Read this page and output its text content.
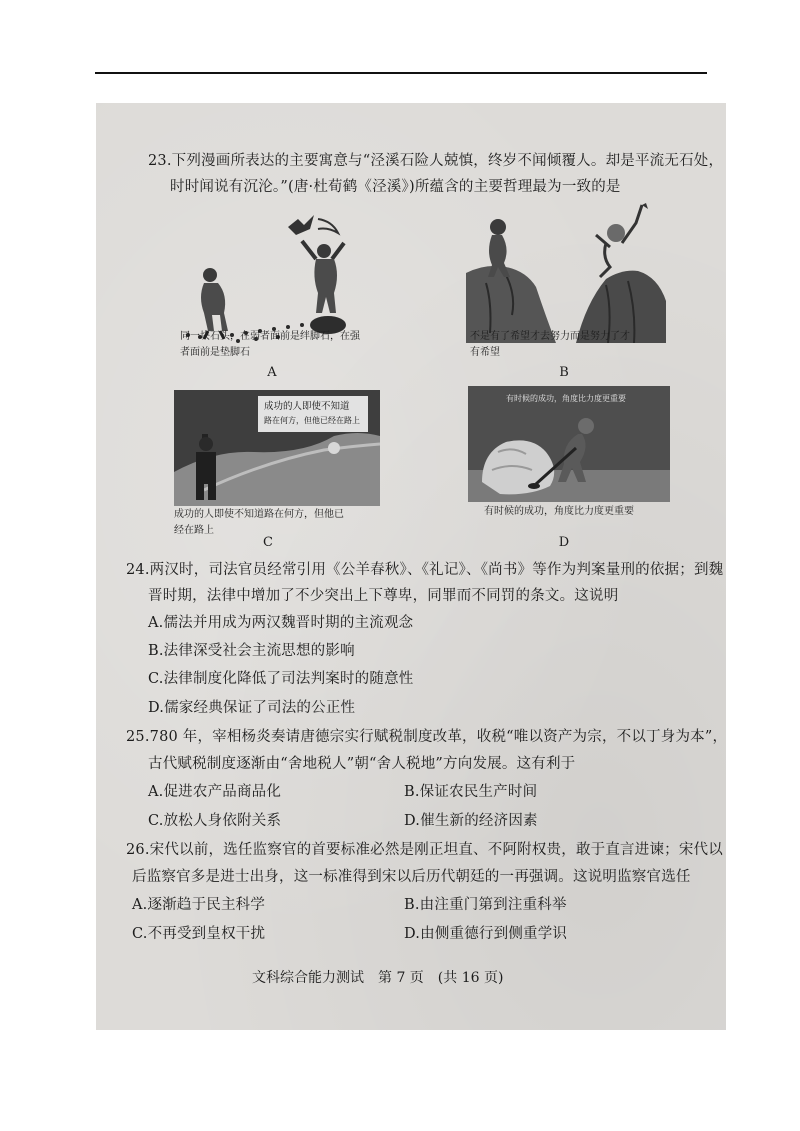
23.下列漫画所表达的主要寓意与“泾溪石险人兢慎，终岁不闻倾覆人。却是平流无石处，
时时闻说有沉沦。”(唐·杜荀鹤《泾溪》)所蕴含的主要哲理最为一致的是
同一块石头，在弱者面前是绊脚石，在强
者面前是垫脚石
A
不是有了希望才去努力而是努力了才
有希望
B
成功的人即使不知道
路在何方，但他已经在路上
成功的人即使不知道路在何方，但他已
经在路上
C
有时候的成功，角度比力度更重要
有时候的成功，角度比力度更重要
D
24.两汉时，司法官员经常引用《公羊春秋》、《礼记》、《尚书》等作为判案量刑的依据；到魏
晋时期，法律中增加了不少突出上下尊卑，同罪而不同罚的条文。这说明
A.儒法并用成为两汉魏晋时期的主流观念
B.法律深受社会主流思想的影响
C.法律制度化降低了司法判案时的随意性
D.儒家经典保证了司法的公正性
25.780 年，宰相杨炎奏请唐德宗实行赋税制度改革，收税“唯以资产为宗，不以丁身为本”，
古代赋税制度逐渐由“舍地税人”朝“舍人税地”方向发展。这有利于
A.促进农产品商品化	B.保证农民生产时间
C.放松人身依附关系	D.催生新的经济因素
26.宋代以前，选任监察官的首要标准必然是刚正坦直、不阿附权贵，敢于直言进谏；宋代以
后监察官多是进士出身，这一标准得到宋以后历代朝廷的一再强调。这说明监察官选任
A.逐渐趋于民主科学	B.由注重门第到注重科举
C.不再受到皇权干扰	D.由侧重德行到侧重学识
文科综合能力测试　第 7 页　(共 16 页)
